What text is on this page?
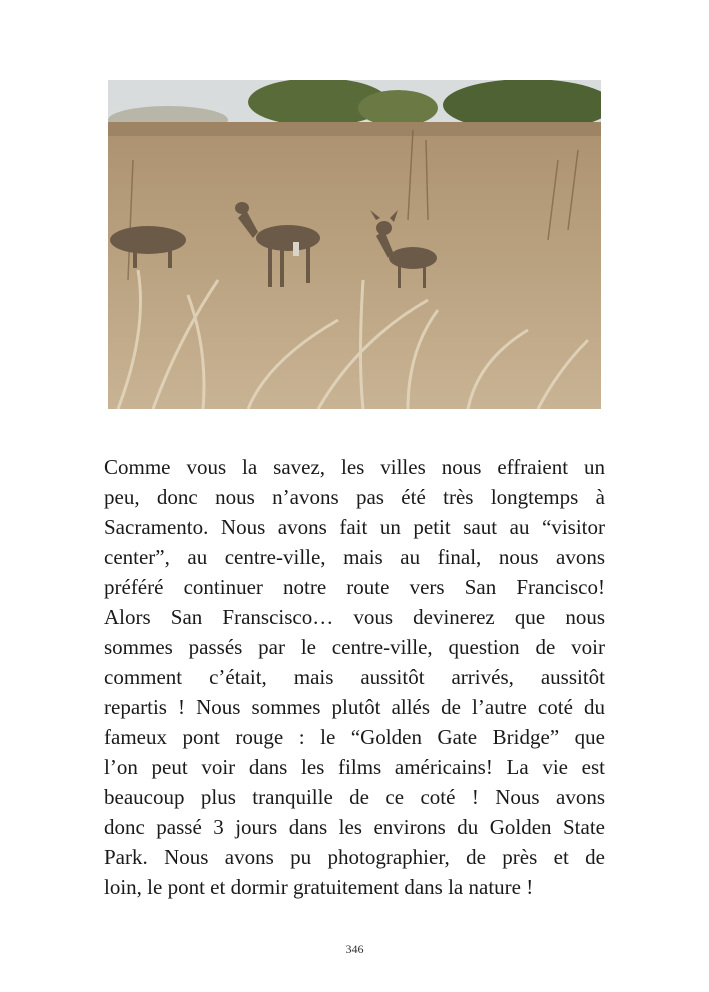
Comme vous la savez, les villes nous effraient un
peu, donc nous n’avons pas été très longtemps à
Sacramento. Nous avons fait un petit saut au “visitor
center”, au centre-ville, mais au final, nous avons
préféré continuer notre route vers San Francisco!
Alors San Franscisco… vous devinerez que nous
sommes passés par le centre-ville, question de voir
comment c’était, mais aussitôt arrivés, aussitôt
repartis ! Nous sommes plutôt allés de l’autre coté du
fameux pont rouge : le “Golden Gate Bridge” que
l’on peut voir dans les films américains! La vie est
beaucoup plus tranquille de ce coté ! Nous avons
donc passé 3 jours dans les environs du Golden State
Park. Nous avons pu photographier, de près et de
loin, le pont et dormir gratuitement dans la nature !
346
